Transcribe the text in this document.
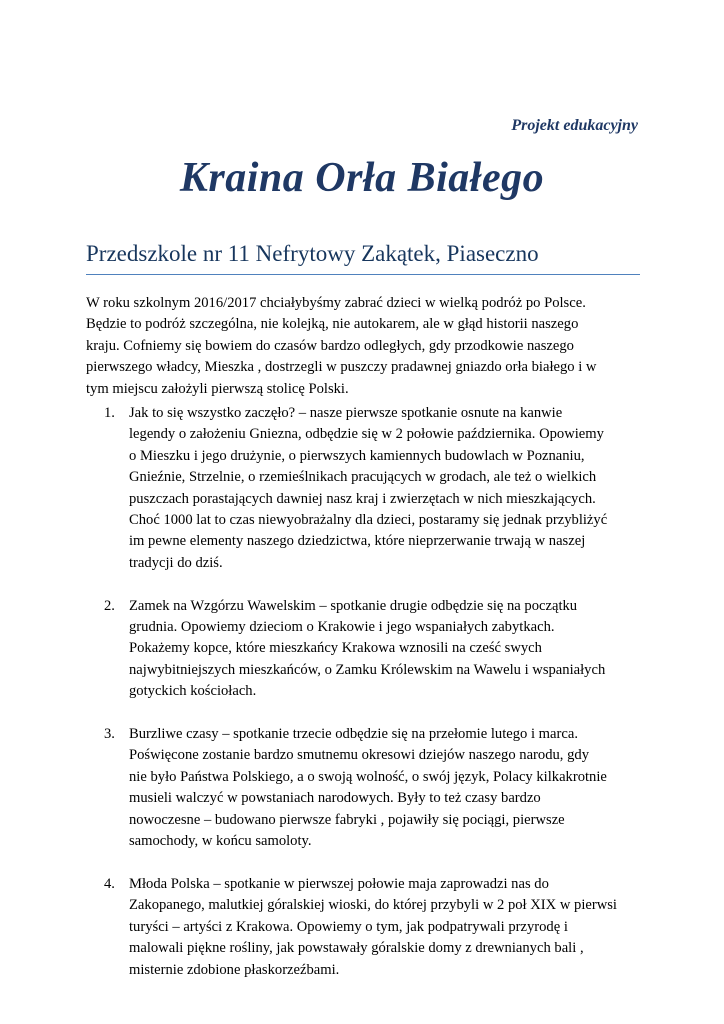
Projekt edukacyjny
Kraina Orła Białego
Przedszkole nr 11 Nefrytowy Zakątek, Piaseczno
W roku szkolnym 2016/2017 chciałybyśmy zabrać dzieci w wielką podróż po Polsce.
Będzie to podróż szczególna, nie kolejką, nie autokarem, ale w głąd historii naszego
kraju. Cofniemy się bowiem do czasów bardzo odległych, gdy przodkowie naszego
pierwszego władcy, Mieszka , dostrzegli w puszczy pradawnej gniazdo orła białego i w
tym miejscu założyli pierwszą stolicę Polski.
1. Jak to się wszystko zaczęło? – nasze pierwsze spotkanie osnute na kanwie
legendy o założeniu Gniezna, odbędzie się w 2 połowie października. Opowiemy
o Mieszku i jego drużynie, o pierwszych kamiennych budowlach w Poznaniu,
Gnieźnie, Strzelnie, o rzemieślnikach pracujących w grodach, ale też o wielkich
puszczach porastających dawniej nasz kraj i zwierzętach w nich mieszkających.
Choć 1000 lat to czas niewyobrażalny dla dzieci, postaramy się jednak przybliżyć
im pewne elementy naszego dziedzictwa, które nieprzerwanie trwają w naszej
tradycji do dziś.
2. Zamek na Wzgórzu Wawelskim – spotkanie drugie odbędzie się na początku
grudnia. Opowiemy dzieciom o Krakowie i jego wspaniałych zabytkach.
Pokażemy kopce, które mieszkańcy Krakowa wznosili na cześć swych
najwybitniejszych mieszkańców, o Zamku Królewskim na Wawelu i wspaniałych
gotyckich kościołach.
3. Burzliwe czasy – spotkanie trzecie odbędzie się na przełomie lutego i marca.
Poświęcone zostanie bardzo smutnemu okresowi dziejów naszego narodu, gdy
nie było Państwa Polskiego, a o swoją wolność, o swój język, Polacy kilkakrotnie
musieli walczyć w powstaniach narodowych. Były to też czasy bardzo
nowoczesne – budowano pierwsze fabryki , pojawiły się pociągi, pierwsze
samochody, w końcu samoloty.
4. Młoda Polska – spotkanie w pierwszej połowie maja zaprowadzi nas do
Zakopanego, malutkiej góralskiej wioski, do której przybyli w 2 poł XIX w pierwsi
turyści – artyści z Krakowa. Opowiemy o tym, jak podpatrywali przyrodę i
malowali piękne rośliny, jak powstawały góralskie domy z drewnianych bali ,
misternie zdobione płaskorzeźbami.
